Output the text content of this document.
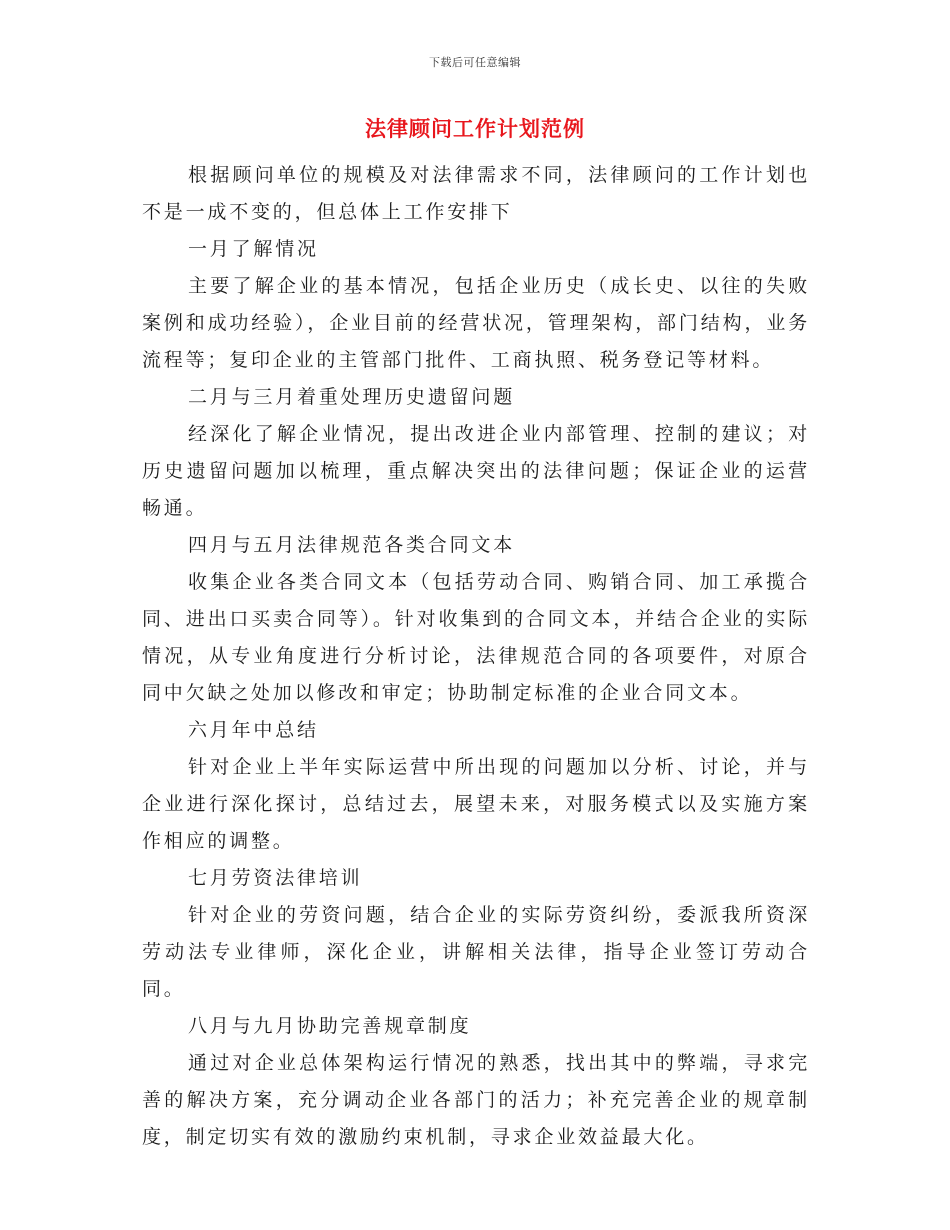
下载后可任意编辑
法律顾问工作计划范例

根据顾问单位的规模及对法律需求不同，法律顾问的工作计划也不是一成不变的，但总体上工作安排下

一月了解情况

主要了解企业的基本情况，包括企业历史（成长史、以往的失败案例和成功经验），企业目前的经营状况，管理架构，部门结构，业务流程等；复印企业的主管部门批件、工商执照、税务登记等材料。

二月与三月着重处理历史遗留问题

经深化了解企业情况，提出改进企业内部管理、控制的建议；对历史遗留问题加以梳理，重点解决突出的法律问题；保证企业的运营畅通。

四月与五月法律规范各类合同文本

收集企业各类合同文本（包括劳动合同、购销合同、加工承揽合同、进出口买卖合同等）。针对收集到的合同文本，并结合企业的实际情况，从专业角度进行分析讨论，法律规范合同的各项要件，对原合同中欠缺之处加以修改和审定；协助制定标准的企业合同文本。

六月年中总结

针对企业上半年实际运营中所出现的问题加以分析、讨论，并与企业进行深化探讨，总结过去，展望未来，对服务模式以及实施方案作相应的调整。

七月劳资法律培训

针对企业的劳资问题，结合企业的实际劳资纠纷，委派我所资深劳动法专业律师，深化企业，讲解相关法律，指导企业签订劳动合同。

八月与九月协助完善规章制度

通过对企业总体架构运行情况的熟悉，找出其中的弊端，寻求完善的解决方案，充分调动企业各部门的活力；补充完善企业的规章制度，制定切实有效的激励约束机制，寻求企业效益最大化。
